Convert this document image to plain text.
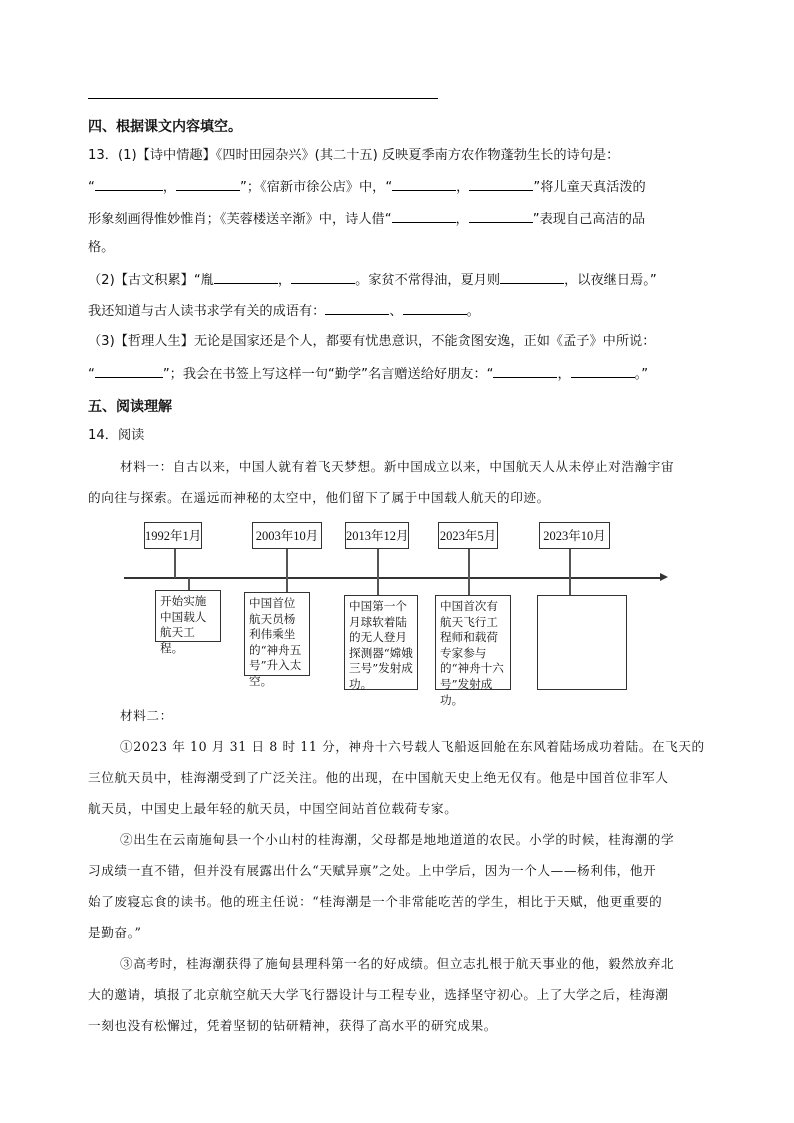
四、根据课文内容填空。
13．(1)【诗中情趣】《四时田园杂兴》(其二十五) 反映夏季南方农作物蓬勃生长的诗句是：
“	，	”；《宿新市徐公店》中，“	，	”将儿童天真活泼的
形象刻画得惟妙惟肖；《芙蓉楼送辛渐》中，诗人借“	，	”表现自己高洁的品
格。
（2)【古文积累】“胤	，	。家贫不常得油，夏月则	，以夜继日焉。”
我还知道与古人读书求学有关的成语有：	、	。
（3)【哲理人生】无论是国家还是个人，都要有忧患意识，不能贪图安逸，正如《孟子》中所说：
“	”；我会在书签上写这样一句“勤学”名言赠送给好朋友：“	，	。”
五、阅读理解
14．阅读
材料一：自古以来，中国人就有着飞天梦想。新中国成立以来，中国航天人从未停止对浩瀚宇宙
的向往与探索。在遥远而神秘的太空中，他们留下了属于中国载人航天的印迹。
1992年1月	2003年10月	2013年12月	2023年5月	2023年10月
开始实施中国载人航天工程。
中国首位航天员杨利伟乘坐的“神舟五号”升入太空。
中国第一个月球软着陆的无人登月探测器“嫦娥三号”发射成功。
中国首次有航天飞行工程师和载荷专家参与的“神舟十六号”发射成功。
材料二：
①2023 年 10 月 31 日 8 时 11 分，神舟十六号载人飞船返回舱在东风着陆场成功着陆。在飞天的
三位航天员中，桂海潮受到了广泛关注。他的出现，在中国航天史上绝无仅有。他是中国首位非军人
航天员，中国史上最年轻的航天员，中国空间站首位载荷专家。
②出生在云南施甸县一个小山村的桂海潮，父母都是地地道道的农民。小学的时候，桂海潮的学
习成绩一直不错，但并没有展露出什么“天赋异禀”之处。上中学后，因为一个人——杨利伟，他开
始了废寝忘食的读书。他的班主任说：“桂海潮是一个非常能吃苦的学生，相比于天赋，他更重要的
是勤奋。”
③高考时，桂海潮获得了施甸县理科第一名的好成绩。但立志扎根于航天事业的他，毅然放弃北
大的邀请，填报了北京航空航天大学飞行器设计与工程专业，选择坚守初心。上了大学之后，桂海潮
一刻也没有松懈过，凭着坚韧的钻研精神，获得了高水平的研究成果。
